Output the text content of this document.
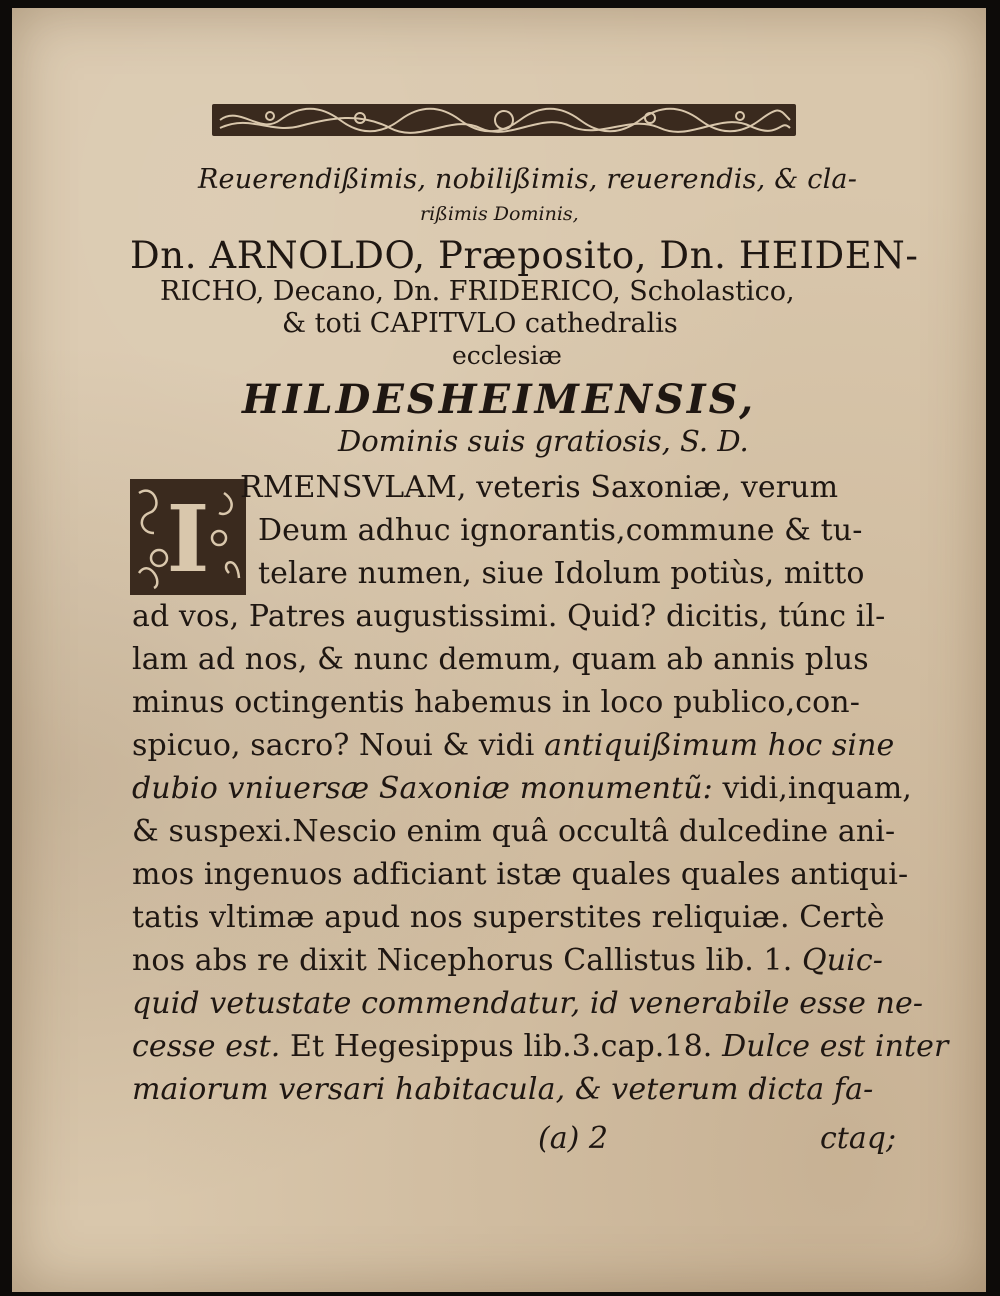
Reuerendißimis, nobilißimis, reuerendis, & cla-
rißimis Dominis,
Dn. ARNOLDO, Præposito, Dn. HEIDEN-
RICHO, Decano, Dn. FRIDERICO, Scholastico,
& toti CAPITVLO cathedralis
ecclesiæ
HILDESHEIMENSIS,
Dominis suis gratiosis, S. D.
I RMENSVLAM, veteris Saxoniæ, verum
Deum adhuc ignorantis,commune & tu-
telare numen, siue Idolum potiùs, mitto
ad vos, Patres augustissimi. Quid? dicitis, túnc il-
lam ad nos, & nunc demum, quam ab annis plus
minus octingentis habemus in loco publico,con-
spicuo, sacro? Noui & vidi antiquißimum hoc sine
dubio vniuersæ Saxoniæ monumentũ: vidi,inquam,
& suspexi.Nescio enim quâ occultâ dulcedine ani-
mos ingenuos adficiant istæ quales quales antiqui-
tatis vltimæ apud nos superstites reliquiæ. Certè
nos abs re dixit Nicephorus Callistus lib. 1. Quic-
quid vetustate commendatur, id venerabile esse ne-
cesse est. Et Hegesippus lib.3.cap.18. Dulce est inter
maiorum versari habitacula, & veterum dicta fa-
(a) 2	ctaq;
